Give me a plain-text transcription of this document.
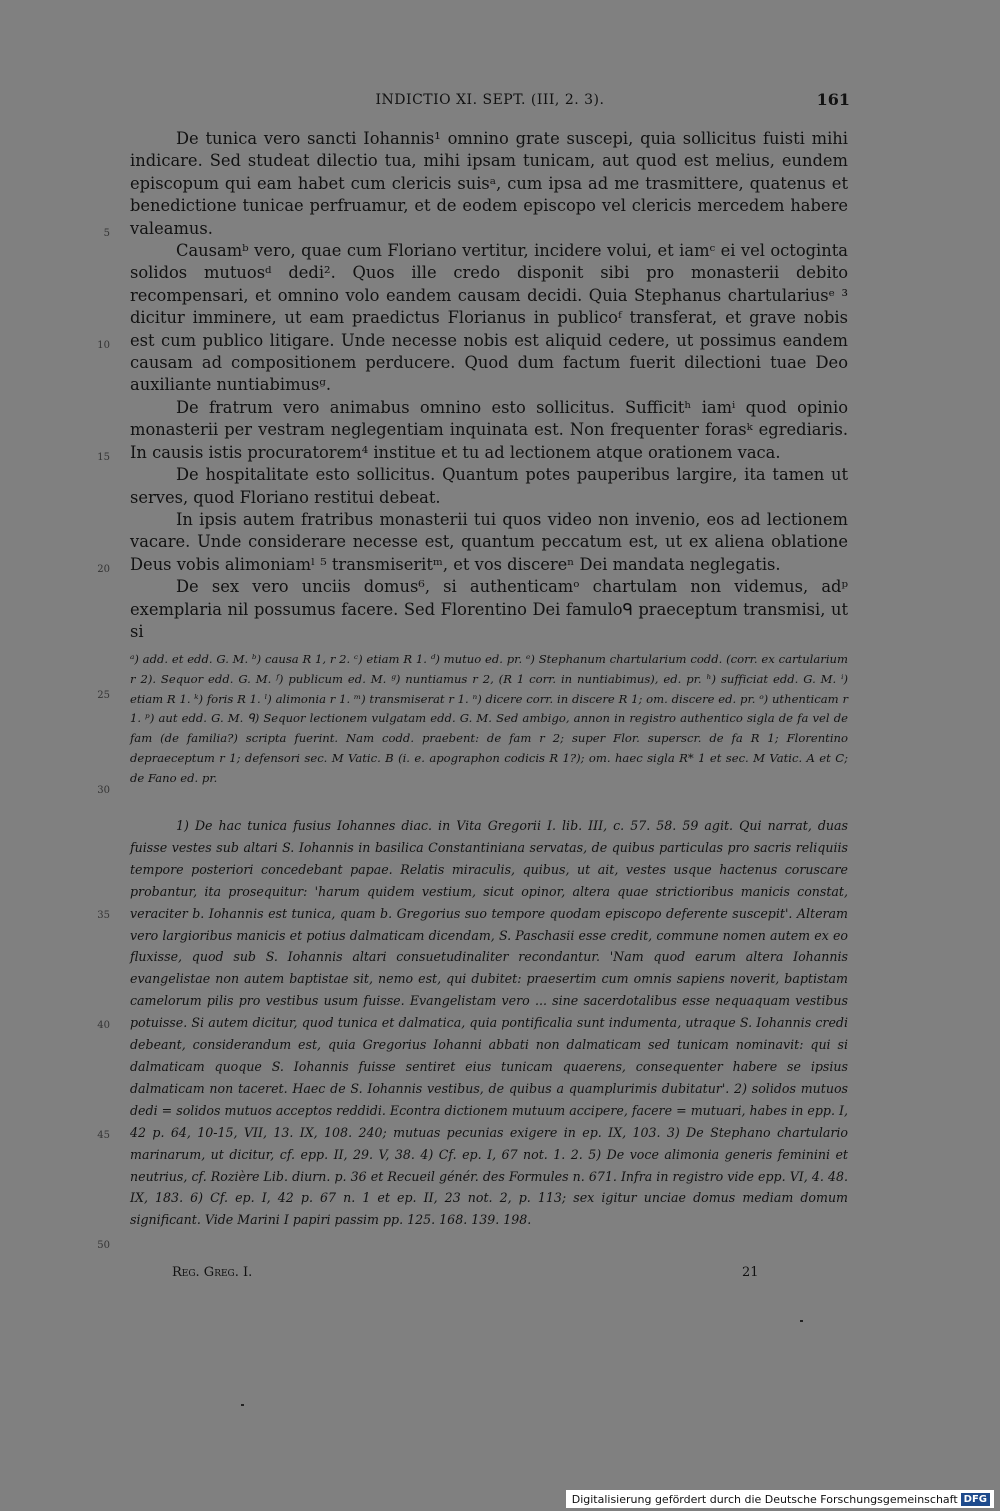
INDICTIO XI. SEPT. (III, 2. 3).	161

De tunica vero sancti Iohannis¹ omnino grate suscepi, quia sollicitus fuisti mihi indicare. Sed studeat dilectio tua, mihi ipsam tunicam, aut quod est melius, eundem episcopum qui eam habet cum clericis suisᵃ, cum ipsa ad me trasmittere, quatenus et benedictione tunicae perfruamur, et de eodem episcopo vel clericis mercedem habere valeamus.

Causamᵇ vero, quae cum Floriano vertitur, incidere volui, et iamᶜ ei vel octoginta solidos mutuosᵈ dedi². Quos ille credo disponit sibi pro monasterii debito recompensari, et omnino volo eandem causam decidi. Quia Stephanus chartulariusᵉ ³ dicitur imminere, ut eam praedictus Florianus in publicoᶠ transferat, et grave nobis est cum publico litigare. Unde necesse nobis est aliquid cedere, ut possimus eandem causam ad compositionem perducere. Quod dum factum fuerit dilectioni tuae Deo auxiliante nuntiabimusᵍ.

De fratrum vero animabus omnino esto sollicitus. Sufficitʰ iamⁱ quod opinio monasterii per vestram neglegentiam inquinata est. Non frequenter forasᵏ egrediaris. In causis istis procuratorem⁴ institue et tu ad lectionem atque orationem vaca.

De hospitalitate esto sollicitus. Quantum potes pauperibus largire, ita tamen ut serves, quod Floriano restitui debeat.

In ipsis autem fratribus monasterii tui quos video non invenio, eos ad lectionem vacare. Unde considerare necesse est, quantum peccatum est, ut ex aliena oblatione Deus vobis alimoniamˡ ⁵ transmiseritᵐ, et vos discereⁿ Dei mandata neglegatis.

De sex vero unciis domus⁶, si authenticamᵒ chartulam non videmus, adᵖ exemplaria nil possumus facere. Sed Florentino Dei famuloᑫ praeceptum transmisi, ut si

ᵃ) add. et edd. G. M. ᵇ) causa R 1, r 2. ᶜ) etiam R 1. ᵈ) mutuo ed. pr. ᵉ) Stephanum chartularium codd. (corr. ex cartularium r 2). Sequor edd. G. M. ᶠ) publicum ed. M. ᵍ) nuntiamus r 2, (R 1 corr. in nuntiabimus), ed. pr. ʰ) sufficiat edd. G. M. ⁱ) etiam R 1. ᵏ) foris R 1. ˡ) alimonia r 1. ᵐ) transmiserat r 1. ⁿ) dicere corr. in discere R 1; om. discere ed. pr. ᵒ) uthenticam r 1. ᵖ) aut edd. G. M. ᑫ) Sequor lectionem vulgatam edd. G. M. Sed ambigo, annon in registro authentico sigla de fa vel de fam (de familia?) scripta fuerint. Nam codd. praebent: de fam r 2; super Flor. superscr. de fa R 1; Florentino depraeceptum r 1; defensori sec. M Vatic. B (i. e. apographon codicis R 1?); om. haec sigla R* 1 et sec. M Vatic. A et C; de Fano ed. pr.

1) De hac tunica fusius Iohannes diac. in Vita Gregorii I. lib. III, c. 57. 58. 59 agit. Qui narrat, duas fuisse vestes sub altari S. Iohannis in basilica Constantiniana servatas, de quibus particulas pro sacris reliquiis tempore posteriori concedebant papae. Relatis miraculis, quibus, ut ait, vestes usque hactenus coruscare probantur, ita prosequitur: 'harum quidem vestium, sicut opinor, altera quae strictioribus manicis constat, veraciter b. Iohannis est tunica, quam b. Gregorius suo tempore quodam episcopo deferente suscepit'. Alteram vero largioribus manicis et potius dalmaticam dicendam, S. Paschasii esse credit, commune nomen autem ex eo fluxisse, quod sub S. Iohannis altari consuetudinaliter recondantur. 'Nam quod earum altera Iohannis evangelistae non autem baptistae sit, nemo est, qui dubitet: praesertim cum omnis sapiens noverit, baptistam camelorum pilis pro vestibus usum fuisse. Evangelistam vero ... sine sacerdotalibus esse nequaquam vestibus potuisse. Si autem dicitur, quod tunica et dalmatica, quia pontificalia sunt indumenta, utraque S. Iohannis credi debeant, considerandum est, quia Gregorius Iohanni abbati non dalmaticam sed tunicam nominavit: qui si dalmaticam quoque S. Iohannis fuisse sentiret eius tunicam quaerens, consequenter habere se ipsius dalmaticam non taceret. Haec de S. Iohannis vestibus, de quibus a quamplurimis dubitatur'. 2) solidos mutuos dedi = solidos mutuos acceptos reddidi. Econtra dictionem mutuum accipere, facere = mutuari, habes in epp. I, 42 p. 64, 10-15, VII, 13. IX, 108. 240; mutuas pecunias exigere in ep. IX, 103. 3) De Stephano chartulario marinarum, ut dicitur, cf. epp. II, 29. V, 38. 4) Cf. ep. I, 67 not. 1. 2. 5) De voce alimonia generis feminini et neutrius, cf. Rozière Lib. diurn. p. 36 et Recueil génér. des Formules n. 671. Infra in registro vide epp. VI, 4. 48. IX, 183. 6) Cf. ep. I, 42 p. 67 n. 1 et ep. II, 23 not. 2, p. 113; sex igitur unciae domus mediam domum significant. Vide Marini I papiri passim pp. 125. 168. 139. 198.

5
10
15
20
25
30
35
40
45
50
Reg. Greg. I.	21
Digitalisierung gefördert durch die Deutsche Forschungsgemeinschaft DFG
